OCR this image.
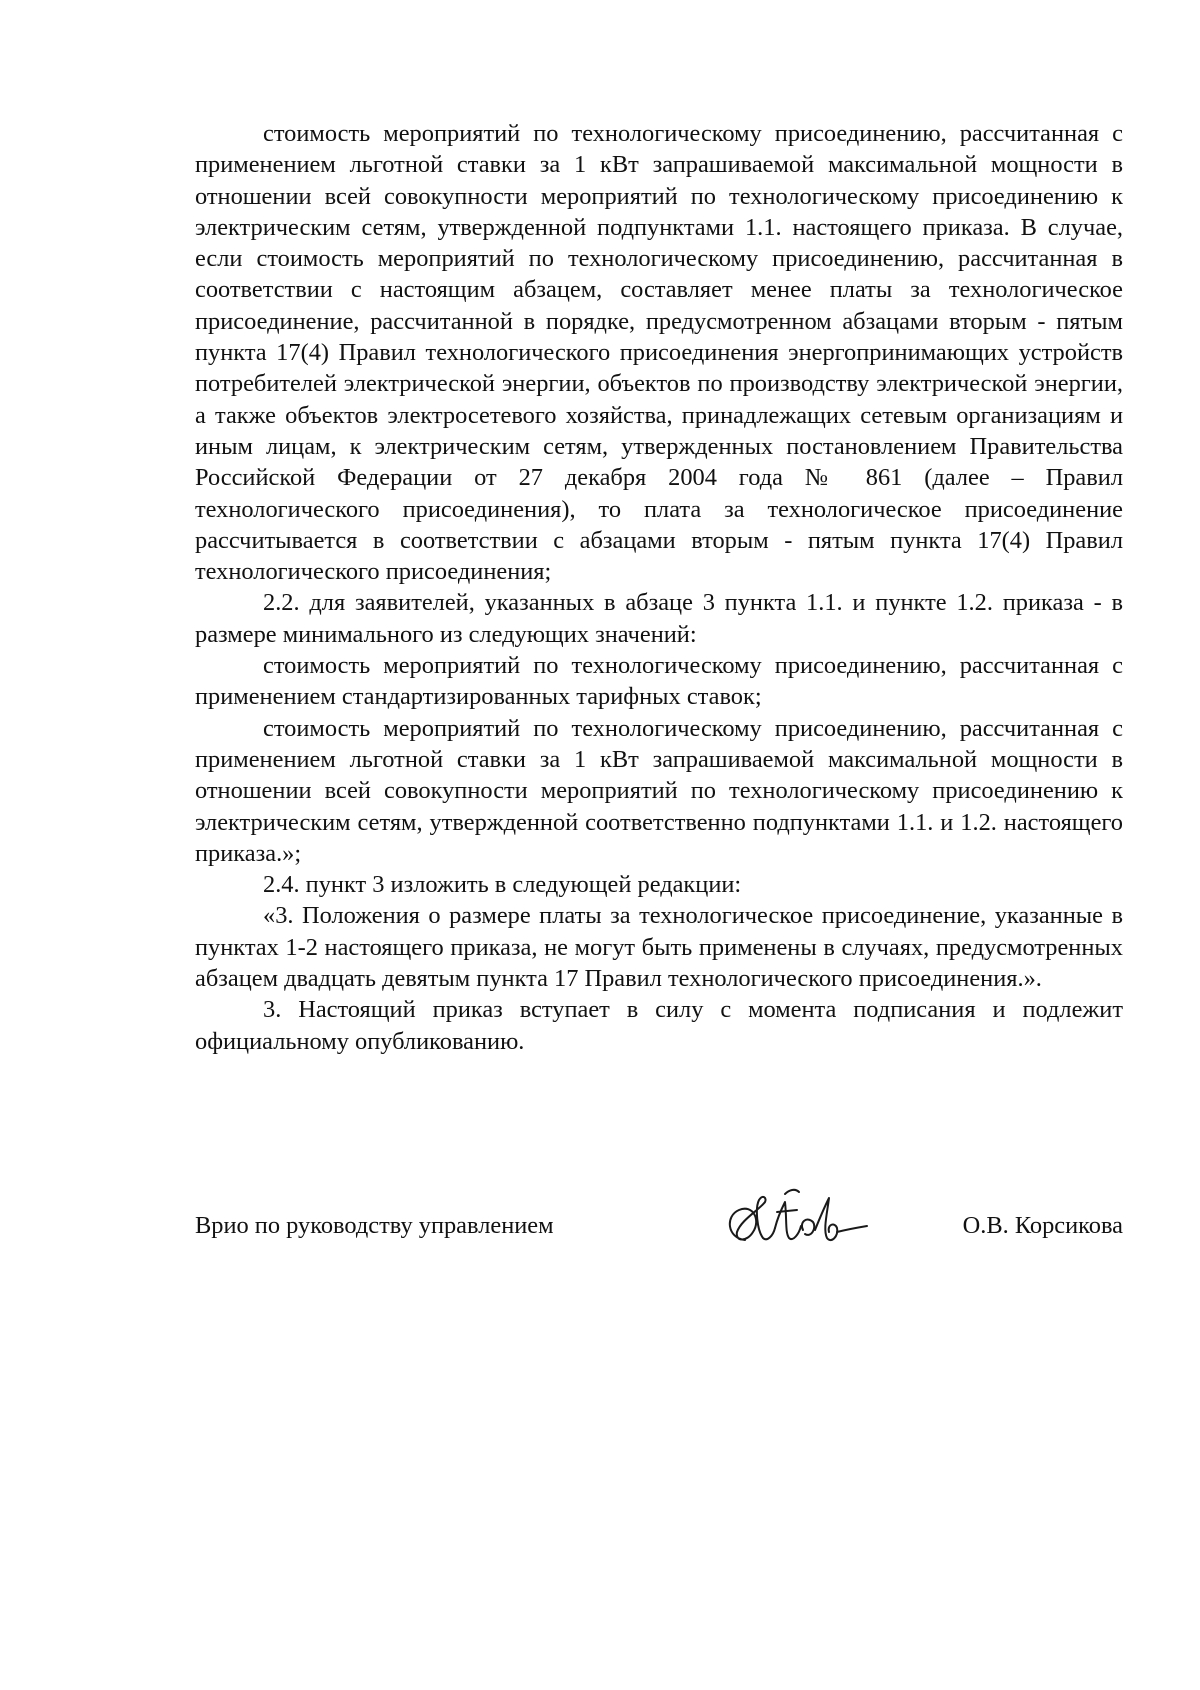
стоимость мероприятий по технологическому присоединению, рассчитанная с применением льготной ставки за 1 кВт запрашиваемой максимальной мощности в отношении всей совокупности мероприятий по технологическому присоединению к электрическим сетям, утвержденной подпунктами 1.1. настоящего приказа. В случае, если стоимость мероприятий по технологическому присоединению, рассчитанная в соответствии с настоящим абзацем, составляет менее платы за технологическое присоединение, рассчитанной в порядке, предусмотренном абзацами вторым - пятым пункта 17(4) Правил технологического присоединения энергопринимающих устройств потребителей электрической энергии, объектов по производству электрической энергии, а также объектов электросетевого хозяйства, принадлежащих сетевым организациям и иным лицам, к электрическим сетям, утвержденных постановлением Правительства Российской Федерации от 27 декабря 2004 года № 861 (далее – Правил технологического присоединения), то плата за технологическое присоединение рассчитывается в соответствии с абзацами вторым - пятым пункта 17(4) Правил технологического присоединения;

2.2. для заявителей, указанных в абзаце 3 пункта 1.1. и пункте 1.2. приказа - в размере минимального из следующих значений:

стоимость мероприятий по технологическому присоединению, рассчитанная с применением стандартизированных тарифных ставок;

стоимость мероприятий по технологическому присоединению, рассчитанная с применением льготной ставки за 1 кВт запрашиваемой максимальной мощности в отношении всей совокупности мероприятий по технологическому присоединению к электрическим сетям, утвержденной соответственно подпунктами 1.1. и 1.2. настоящего приказа.»;

2.4. пункт 3 изложить в следующей редакции:

«3. Положения о размере платы за технологическое присоединение, указанные в пунктах 1-2 настоящего приказа, не могут быть применены в случаях, предусмотренных абзацем двадцать девятым пункта 17 Правил технологического присоединения.».

3. Настоящий приказ вступает в силу с момента подписания и подлежит официальному опубликованию.

Врио по руководству управлением	О.В. Корсикова
